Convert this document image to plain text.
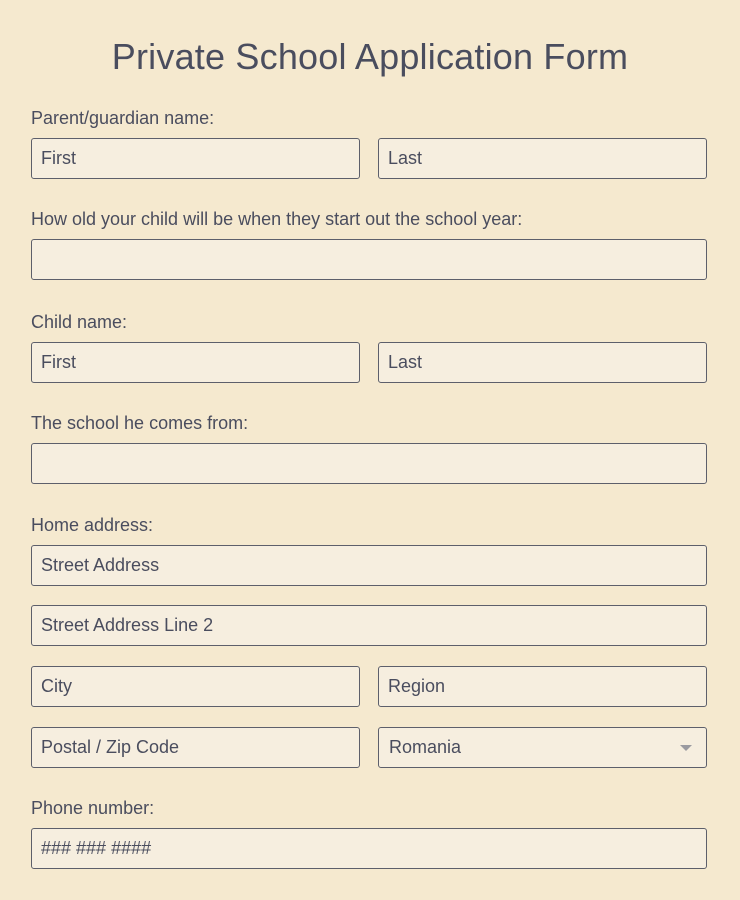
Private School Application Form
Parent/guardian name:
First
Last
How old your child will be when they start out the school year:
Child name:
First
Last
The school he comes from:
Home address:
Street Address
Street Address Line 2
City
Region
Postal / Zip Code
Romania
Phone number:
### ### ####
